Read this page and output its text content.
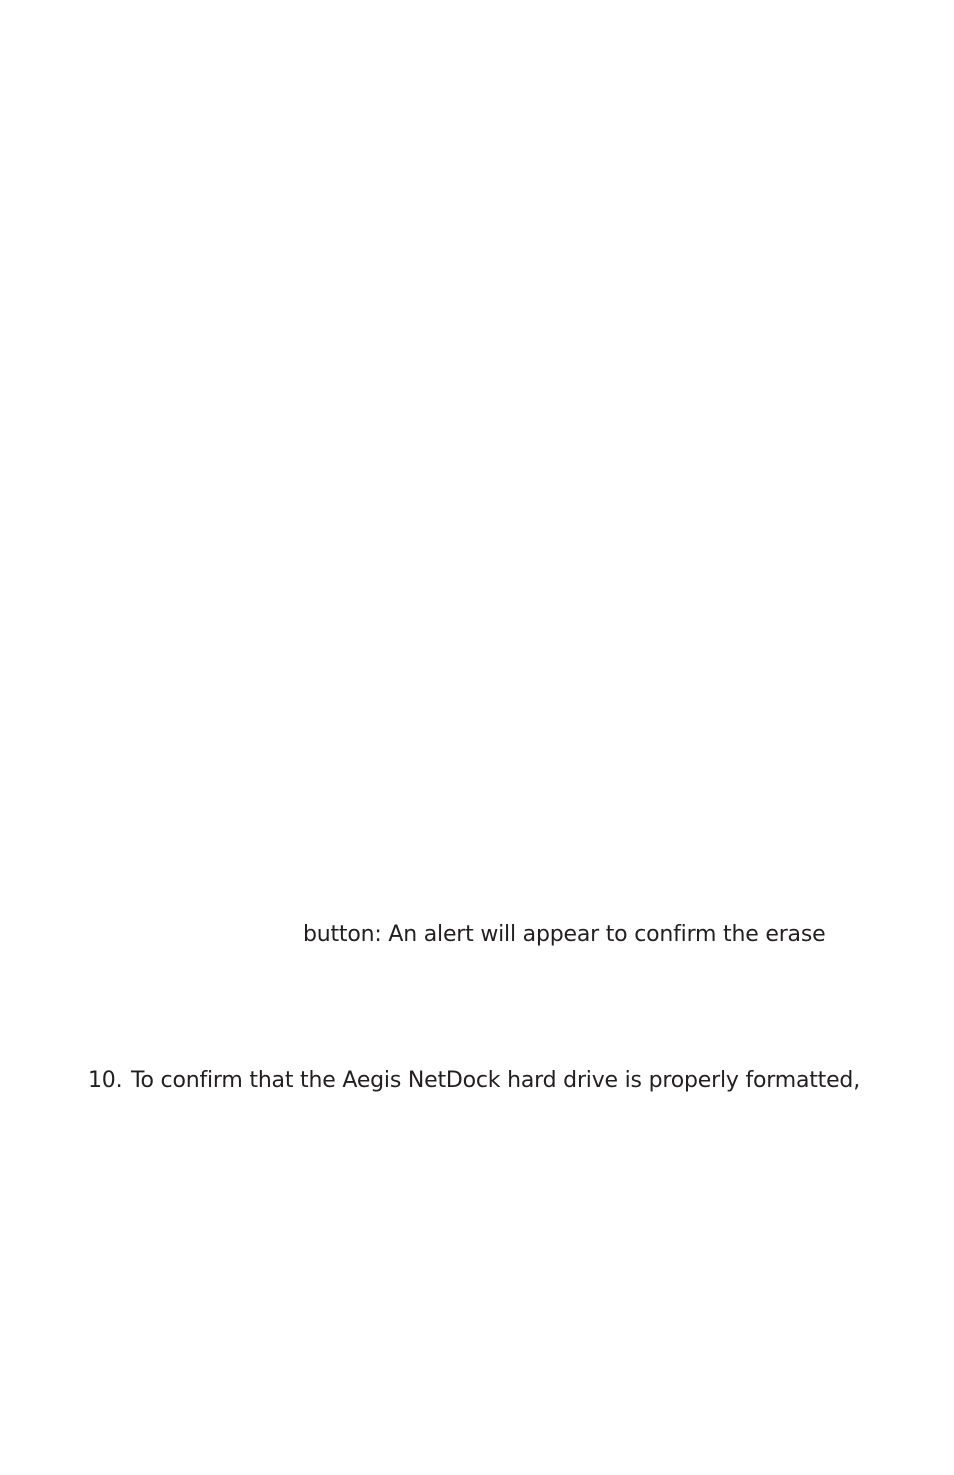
button: An alert will appear to confirm the erase
10. To confirm that the Aegis NetDock hard drive is properly formatted,
